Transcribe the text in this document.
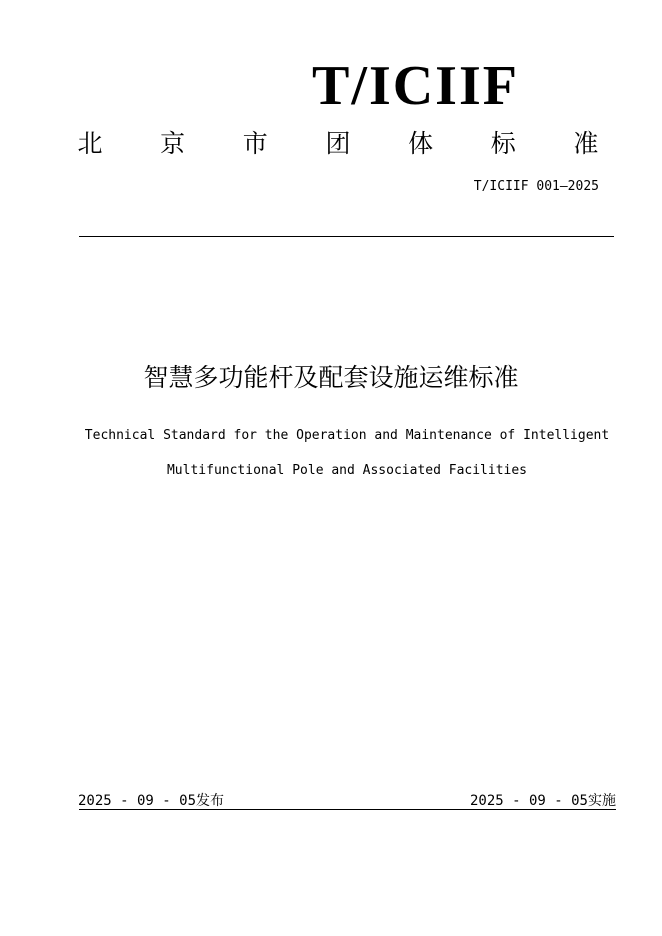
T/ICIIF
北 京 市 团 体 标 准
T/ICIIF 001—2025
智慧多功能杆及配套设施运维标准
Technical Standard for the Operation and Maintenance of Intelligent
Multifunctional Pole and Associated Facilities
2025 - 09 - 05发布	2025 - 09 - 05实施
